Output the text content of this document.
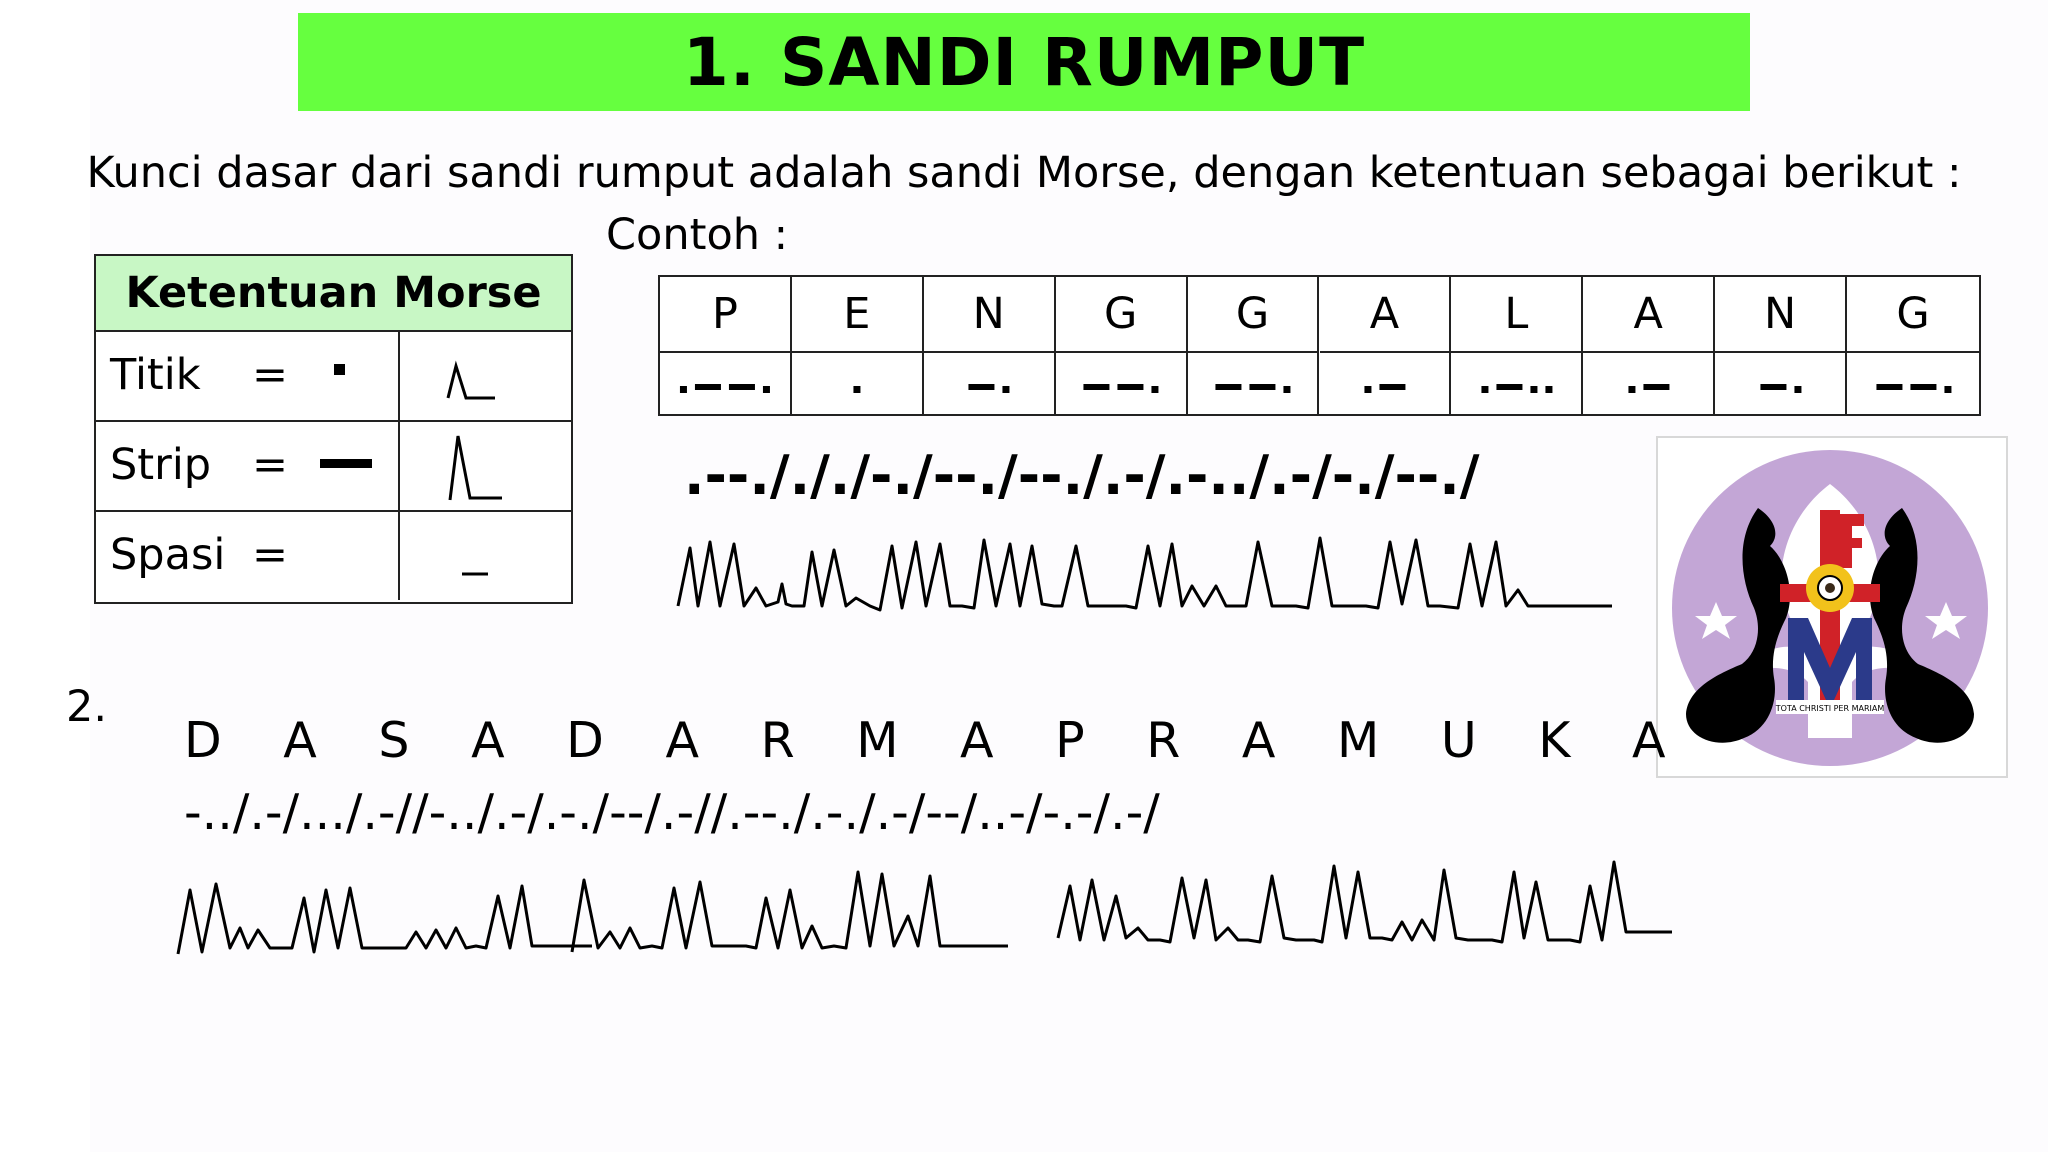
1. SANDI RUMPUT
Kunci dasar dari sandi rumput adalah sandi Morse, dengan ketentuan sebagai berikut :
Contoh :
Ketentuan Morse
Titik =
Strip =
Spasi =
P	E	N	G	G	A	L	A	N	G
.--./././-./--./--./.-/.-../.-/-./--./
TOTA CHRISTI PER MARIAM
2.
D A S A D A R M A P R A M U K A
-../.-/.../.-//-../.-/.-./--/.-//.--./.-./.-/--/..-/-.-/.-/
